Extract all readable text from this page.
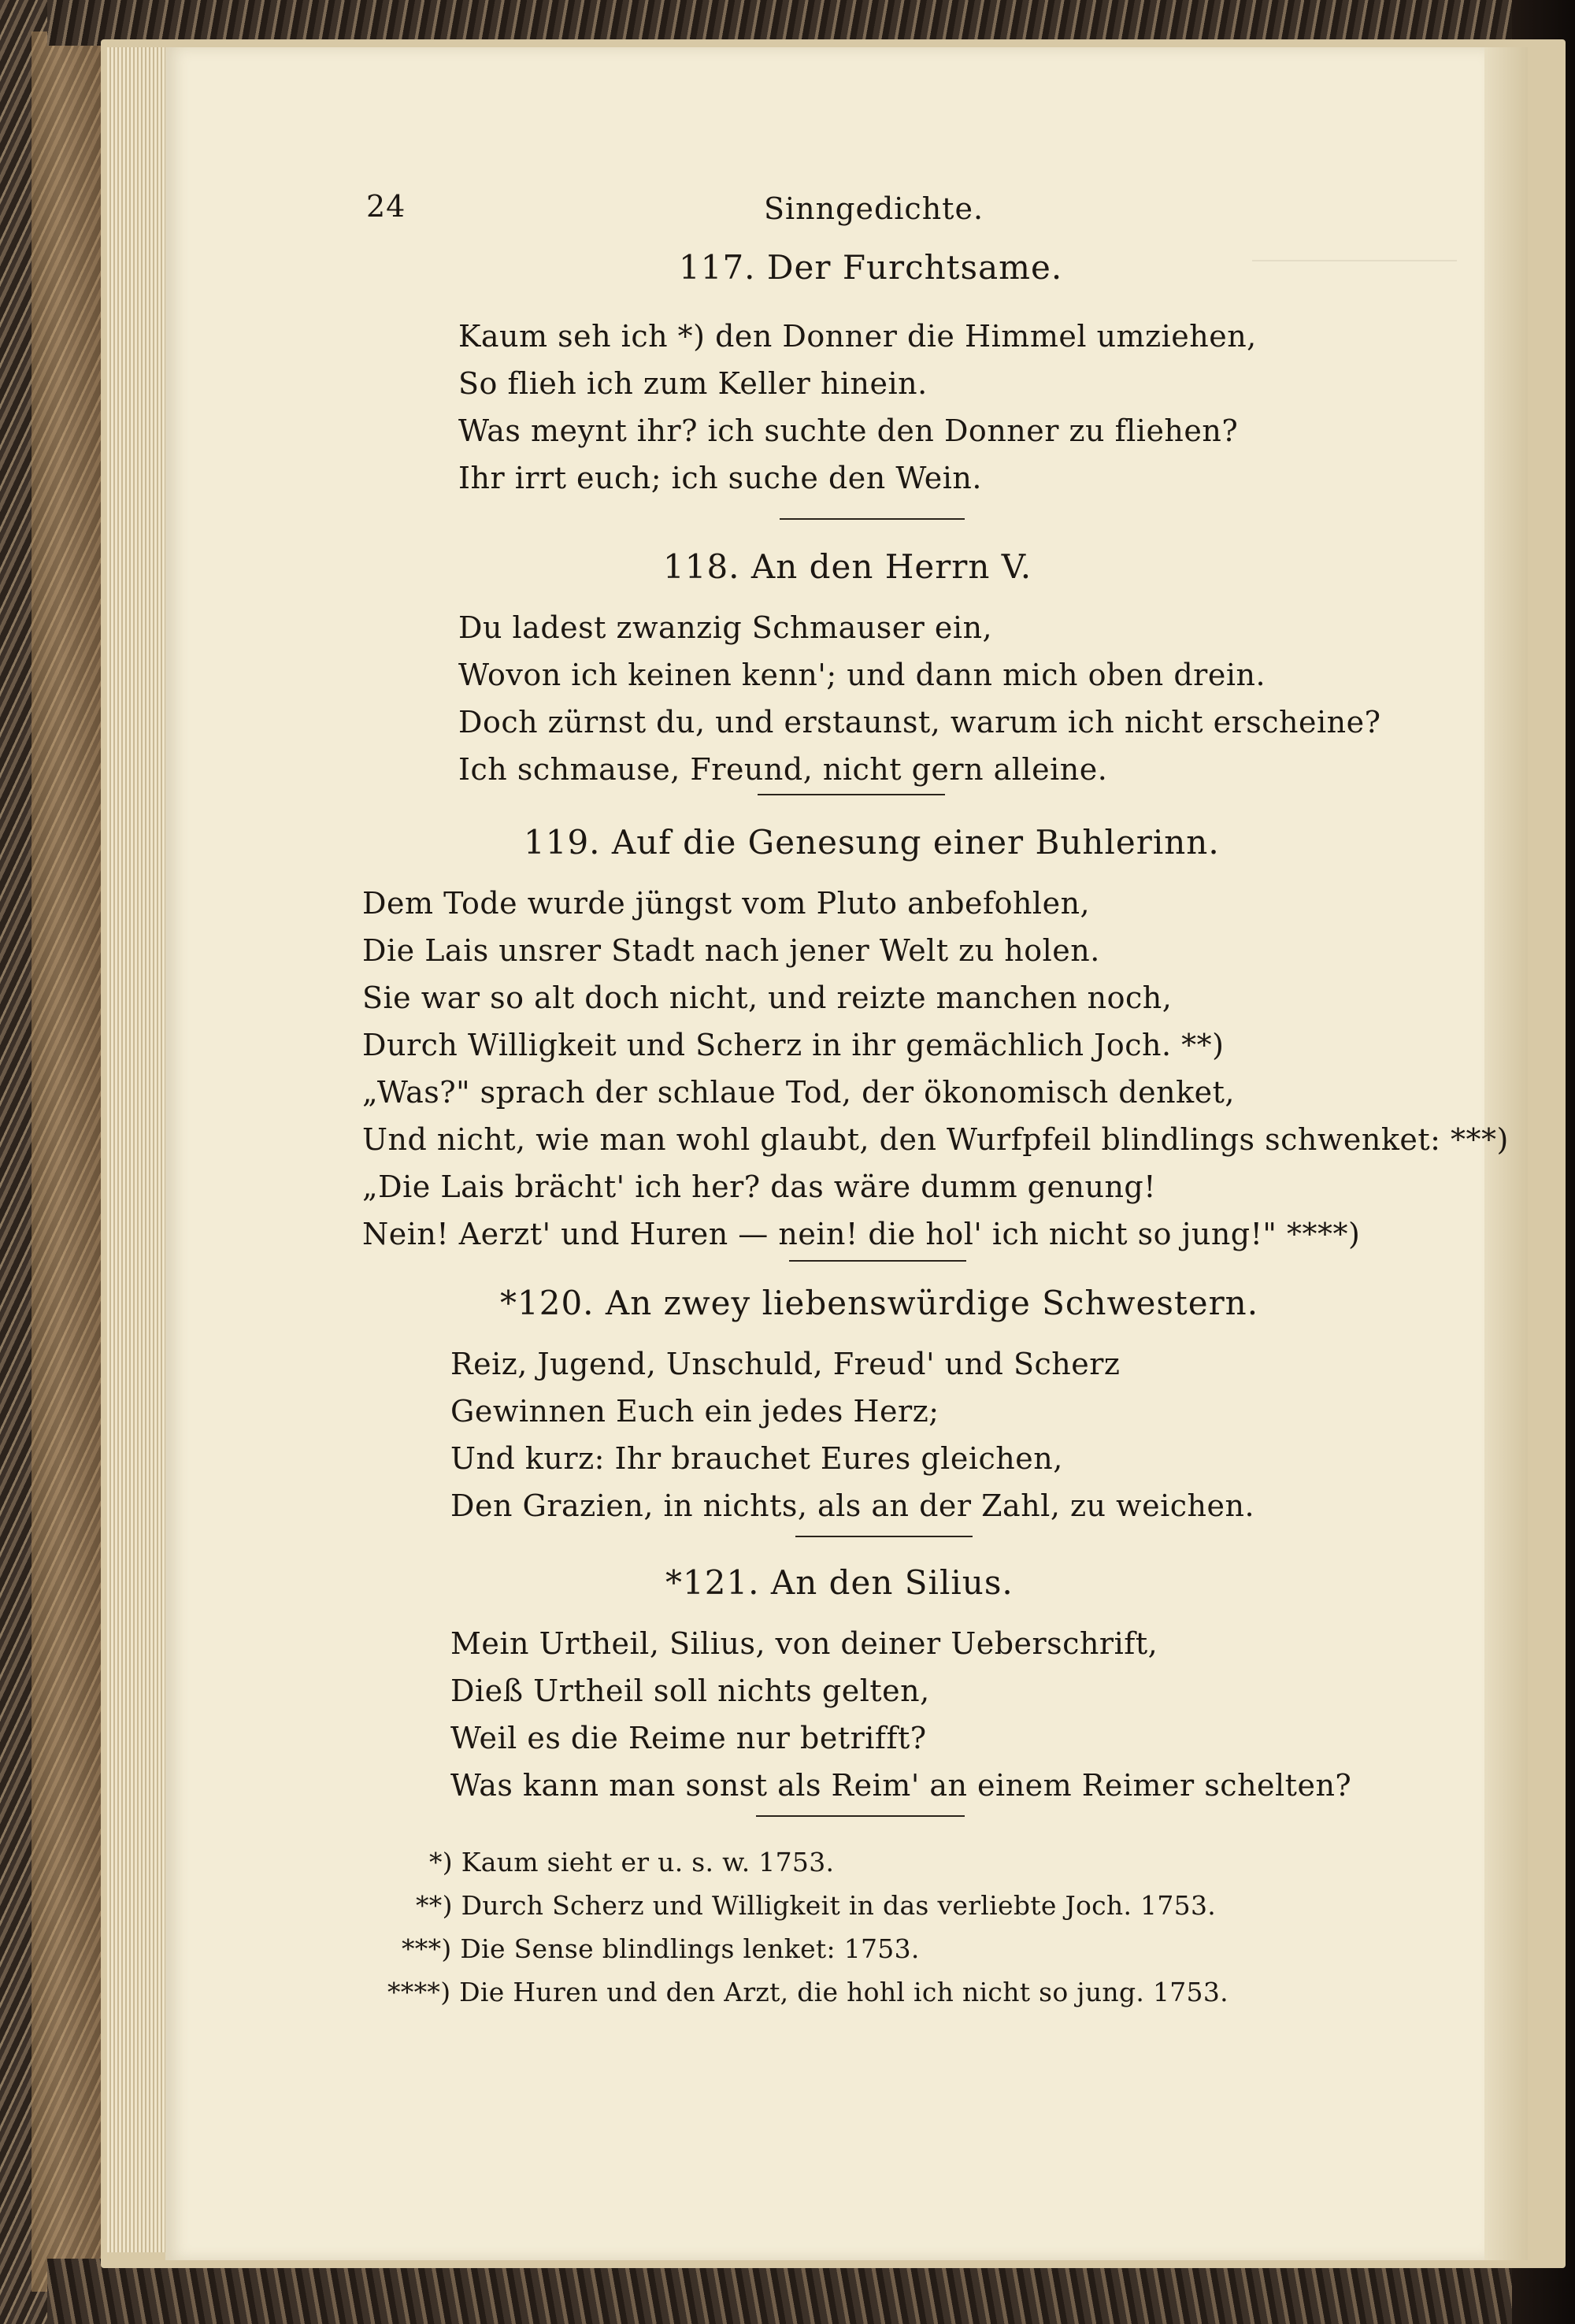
24	Sinngedichte.
117. Der Furchtsame.
Kaum seh ich *) den Donner die Himmel umziehen,
So flieh ich zum Keller hinein.
Was meynt ihr? ich suchte den Donner zu fliehen?
Ihr irrt euch; ich suche den Wein.
118. An den Herrn V.
Du ladest zwanzig Schmauser ein,
Wovon ich keinen kenn'; und dann mich oben drein.
Doch zürnst du, und erstaunst, warum ich nicht erscheine?
Ich schmause, Freund, nicht gern alleine.
119. Auf die Genesung einer Buhlerinn.
Dem Tode wurde jüngst vom Pluto anbefohlen,
Die Lais unsrer Stadt nach jener Welt zu holen.
Sie war so alt doch nicht, und reizte manchen noch,
Durch Willigkeit und Scherz in ihr gemächlich Joch. **)
„Was?" sprach der schlaue Tod, der ökonomisch denket,
Und nicht, wie man wohl glaubt, den Wurfpfeil blindlings schwenket: ***)
„Die Lais brächt' ich her? das wäre dumm genung!
Nein! Aerzt' und Huren — nein! die hol' ich nicht so jung!" ****)
*120. An zwey liebenswürdige Schwestern.
Reiz, Jugend, Unschuld, Freud' und Scherz
Gewinnen Euch ein jedes Herz;
Und kurz: Ihr brauchet Eures gleichen,
Den Grazien, in nichts, als an der Zahl, zu weichen.
*121. An den Silius.
Mein Urtheil, Silius, von deiner Ueberschrift,
Dieß Urtheil soll nichts gelten,
Weil es die Reime nur betrifft?
Was kann man sonst als Reim' an einem Reimer schelten?
*) Kaum sieht er u. s. w. 1753.
**) Durch Scherz und Willigkeit in das verliebte Joch. 1753.
***) Die Sense blindlings lenket: 1753.
****) Die Huren und den Arzt, die hohl ich nicht so jung. 1753.
